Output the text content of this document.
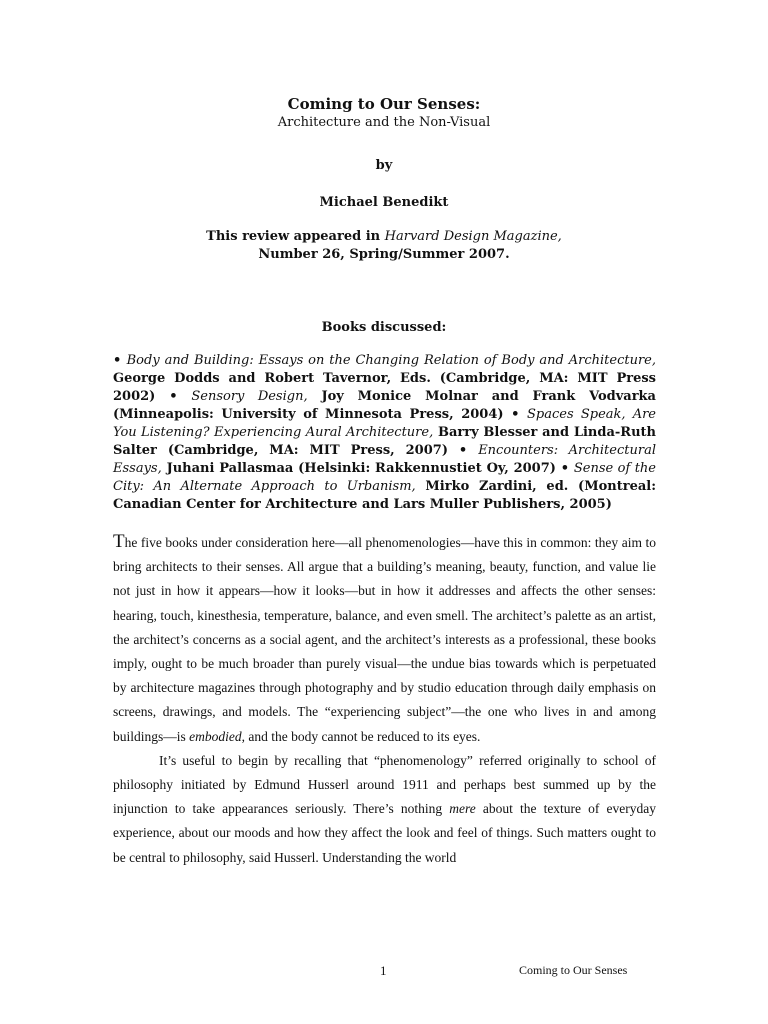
Coming to Our Senses:
Architecture and the Non-Visual
by
Michael Benedikt
This review appeared in Harvard Design Magazine,
Number 26, Spring/Summer 2007.
Books discussed:
• Body and Building: Essays on the Changing Relation of Body and Architecture, George Dodds and Robert Tavernor, Eds. (Cambridge, MA: MIT Press 2002) • Sensory Design, Joy Monice Molnar and Frank Vodvarka (Minneapolis: University of Minnesota Press, 2004) • Spaces Speak, Are You Listening? Experiencing Aural Architecture, Barry Blesser and Linda-Ruth Salter (Cambridge, MA: MIT Press, 2007) • Encounters: Architectural Essays, Juhani Pallasmaa (Helsinki: Rakkennustiet Oy, 2007) • Sense of the City: An Alternate Approach to Urbanism, Mirko Zardini, ed. (Montreal: Canadian Center for Architecture and Lars Muller Publishers, 2005)

The five books under consideration here—all phenomenologies—have this in common: they aim to bring architects to their senses. All argue that a building’s meaning, beauty, function, and value lie not just in how it appears—how it looks—but in how it addresses and affects the other senses: hearing, touch, kinesthesia, temperature, balance, and even smell. The architect’s palette as an artist, the architect’s concerns as a social agent, and the architect’s interests as a professional, these books imply, ought to be much broader than purely visual—the undue bias towards which is perpetuated by architecture magazines through photography and by studio education through daily emphasis on screens, drawings, and models. The “experiencing subject”—the one who lives in and among buildings—is embodied, and the body cannot be reduced to its eyes.

It’s useful to begin by recalling that “phenomenology” referred originally to school of philosophy initiated by Edmund Husserl around 1911 and perhaps best summed up by the injunction to take appearances seriously. There’s nothing mere about the texture of everyday experience, about our moods and how they affect the look and feel of things. Such matters ought to be central to philosophy, said Husserl. Understanding the world

1	Coming to Our Senses
